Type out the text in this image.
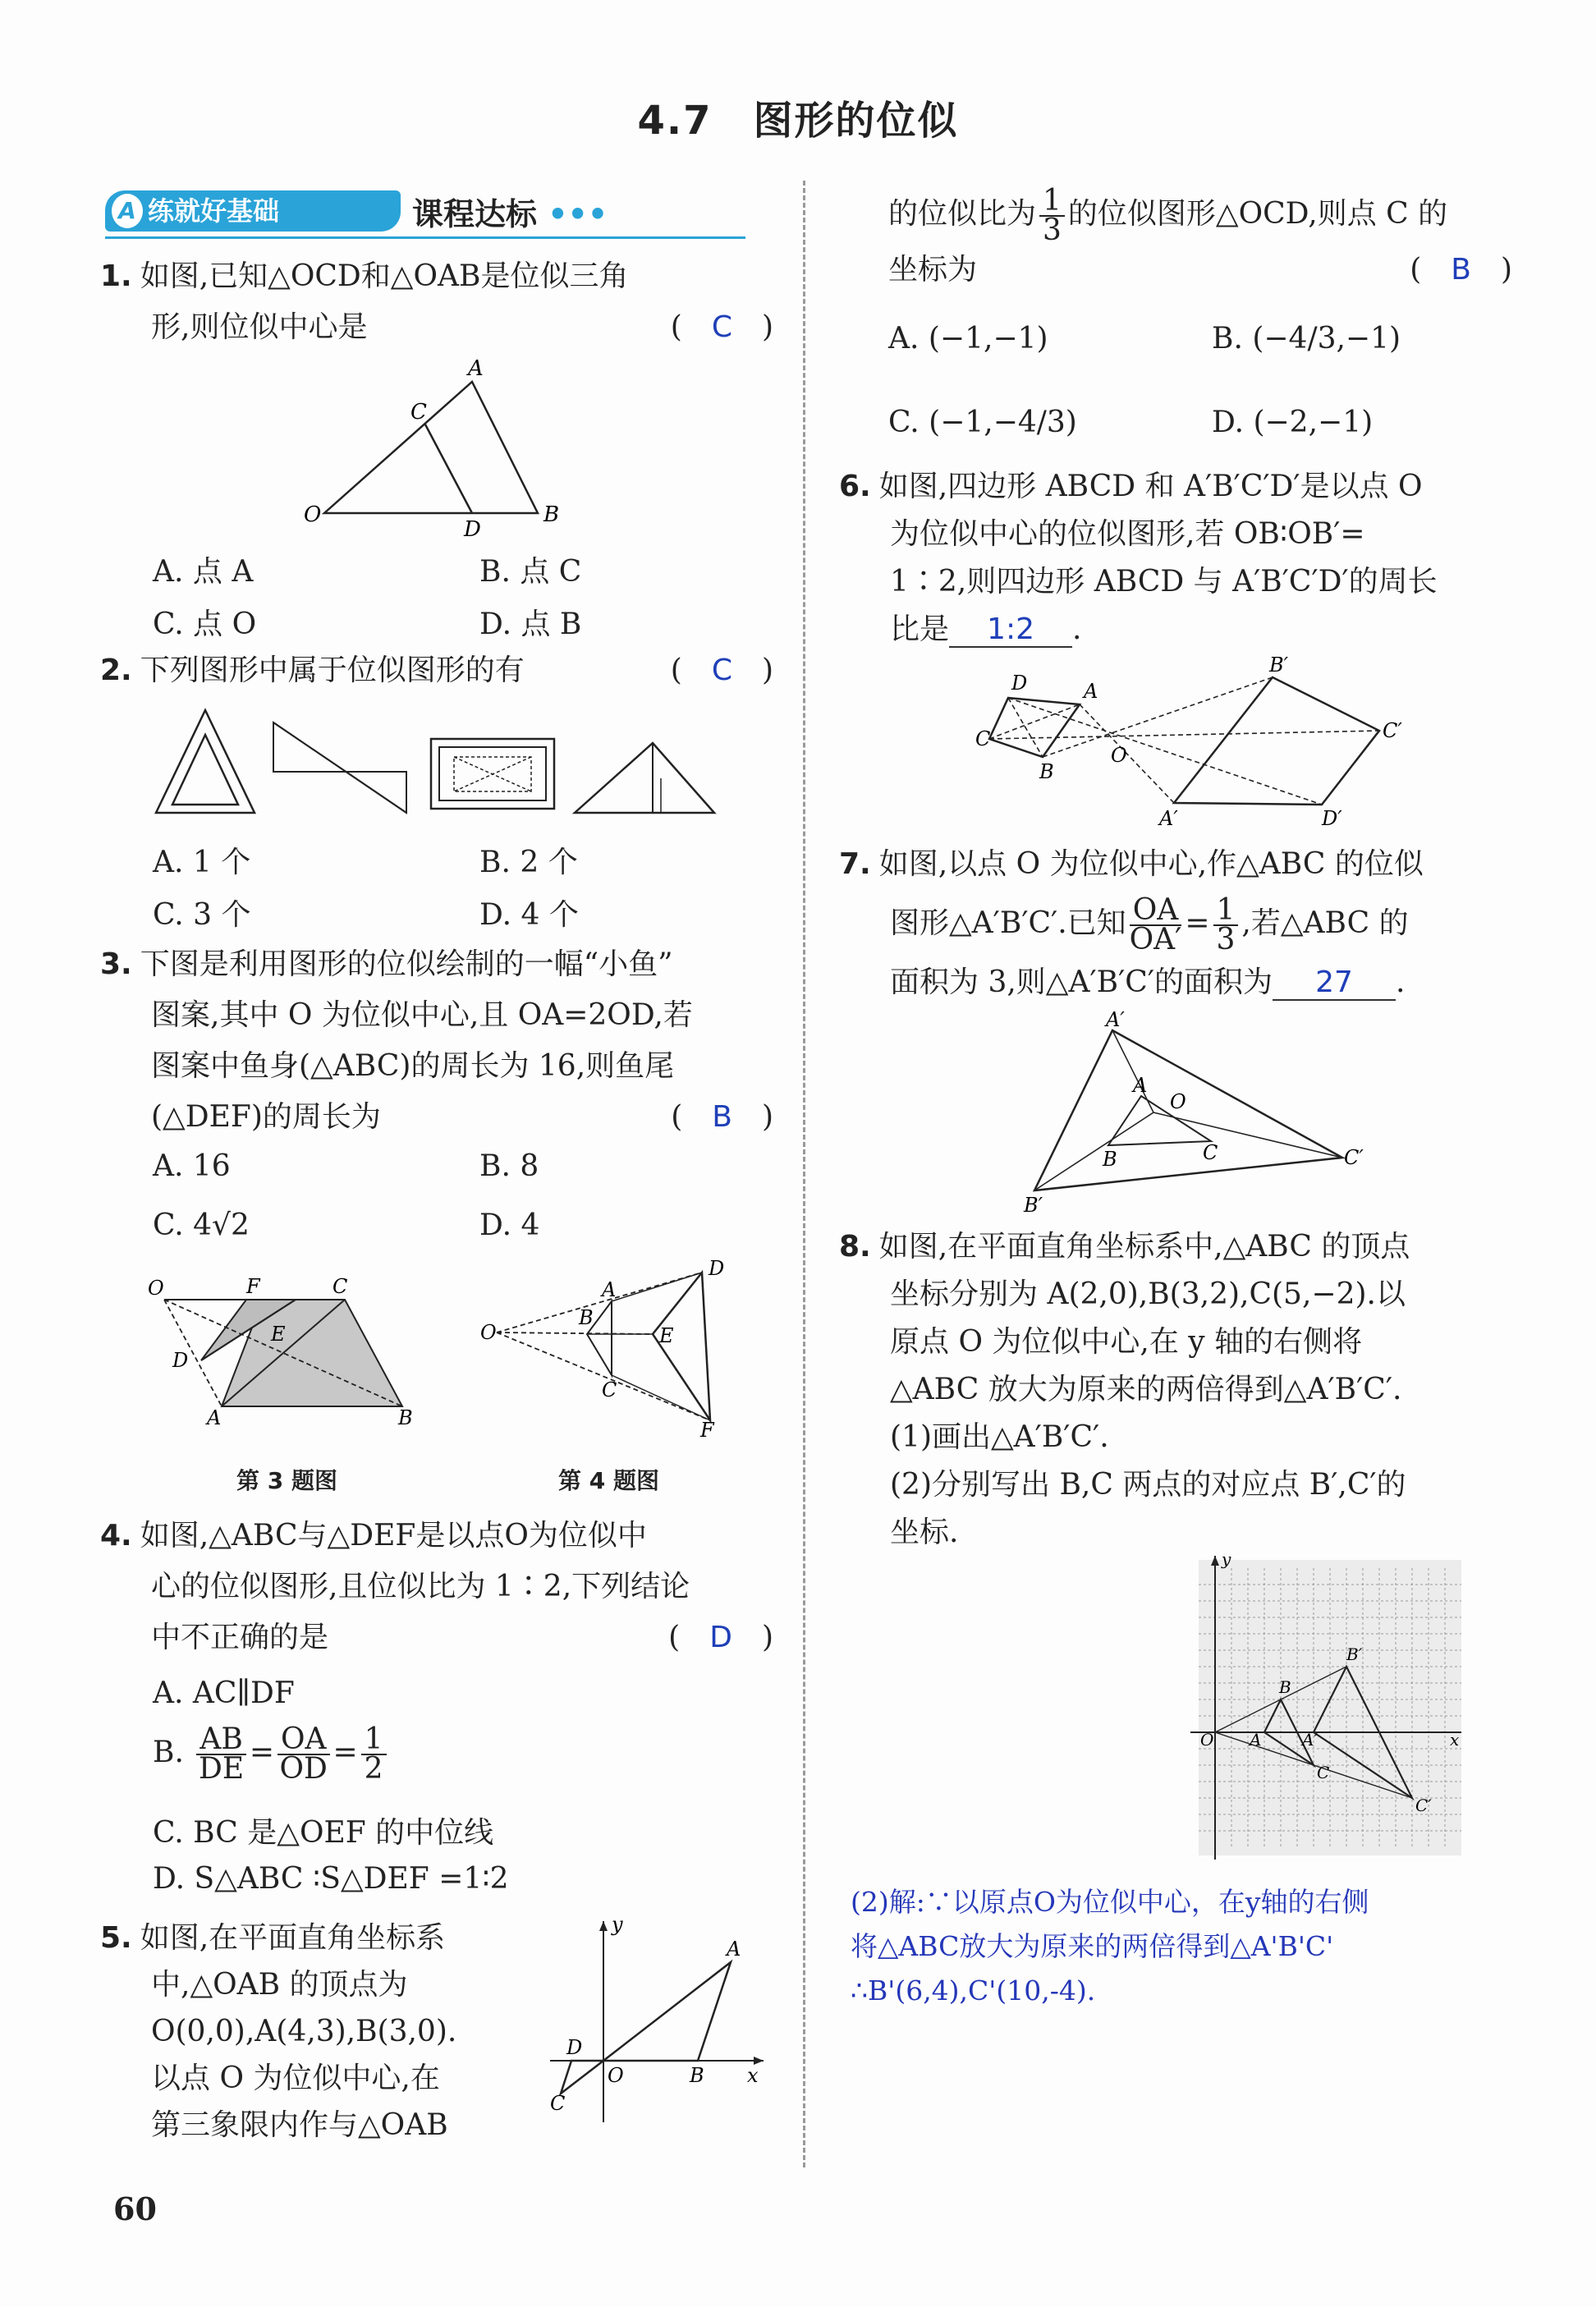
4.7　图形的位似
A 练就好基础	课程达标 •••
1. 如图,已知△OCD和△OAB是位似三角
形,则位似中心是	(　C　)
A
C
O
D
B
A. 点 A	B. 点 C
C. 点 O	D. 点 B
2. 下列图形中属于位似图形的有	(　C　)
A. 1 个	B. 2 个
C. 3 个	D. 4 个
3. 下图是利用图形的位似绘制的一幅“小鱼”
图案,其中 O 为位似中心,且 OA=2OD,若
图案中鱼身(△ABC)的周长为 16,则鱼尾
(△DEF)的周长为	(　B　)
A. 16	B. 8
C. 4√2	D. 4
O	F	C
E
D
A	B
D
O
A
B
E
C
F
第 3 题图	第 4 题图
4. 如图,△ABC与△DEF是以点O为位似中
心的位似图形,且位似比为 1∶2,下列结论
中不正确的是	(　D　)
A. AC∥DF
B. $\frac{AB}{DE} = \frac{OA}{OD} = \frac{1}{2}$
C. BC 是△OEF 的中位线
D. S△ABC ∶S△DEF =1∶2
5. 如图,在平面直角坐标系
中,△OAB 的顶点为
O(0,0),A(4,3),B(3,0).
以点 O 为位似中心,在
第三象限内作与△OAB
y
A
D
O	B x
C
的位似比为 $\frac{1}{3}$ 的位似图形△OCD,则点 C 的
坐标为	(　B　)
A. (−1,−1)	B. (−4/3,−1)
C. (−1,−4/3)	D. (−2,−1)
6. 如图,四边形 ABCD 和 A′B′C′D′是以点 O
为位似中心的位似图形,若 OB∶OB′=
1∶2,则四边形 ABCD 与 A′B′C′D′的周长
比是 1:2 .
D	A
C
B
O
B′
C′
A′	D′
7. 如图,以点 O 为位似中心,作△ABC 的位似
图形△A′B′C′.已知 $\frac{OA}{OA'} = \frac{1}{3}$ ,若△ABC 的
面积为 3,则△A′B′C′的面积为 27 .
A′
A
O
C
B	C′
B′
8. 如图,在平面直角坐标系中,△ABC 的顶点
坐标分别为 A(2,0),B(3,2),C(5,−2).以
原点 O 为位似中心,在 y 轴的右侧将
△ABC 放大为原来的两倍得到△A′B′C′.
(1)画出△A′B′C′.
(2)分别写出 B,C 两点的对应点 B′,C′的
坐标.
y
B′
B
O A A′
C
C′
x
(2)解:∵以原点O为位似中心，在y轴的右侧
将△ABC放大为原来的两倍得到△A'B'C'
∴B'(6,4),C'(10,-4).
60
